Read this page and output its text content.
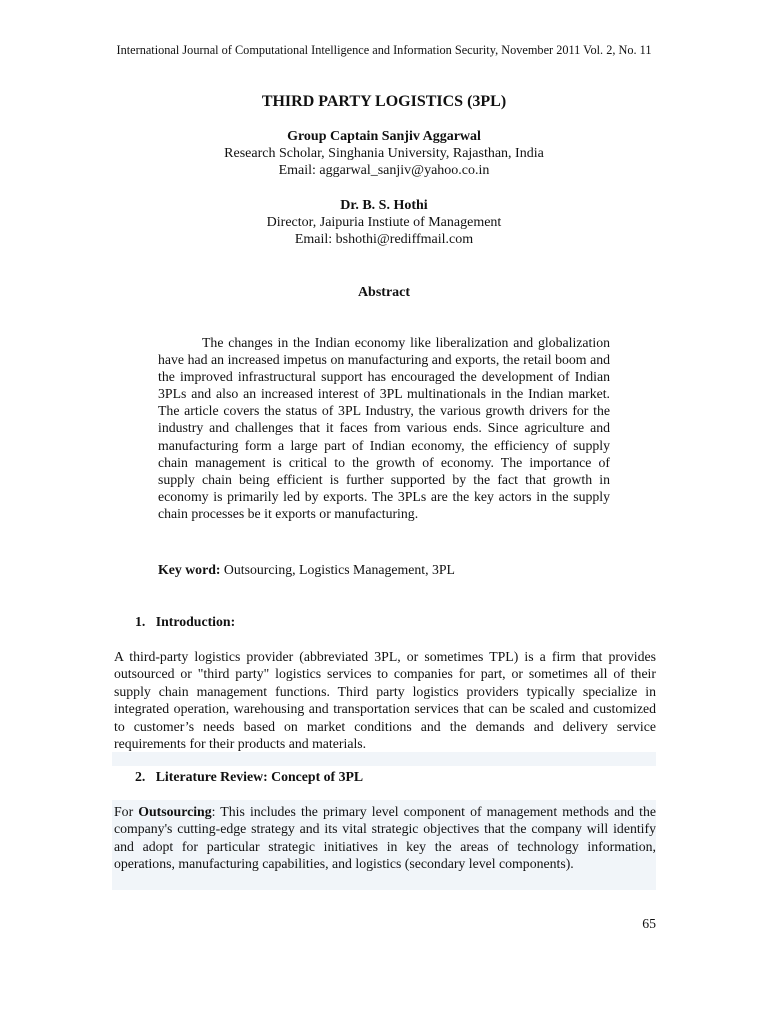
International Journal of Computational Intelligence and Information Security, November 2011 Vol. 2, No. 11
THIRD PARTY LOGISTICS (3PL)
Group Captain Sanjiv Aggarwal
Research Scholar, Singhania University, Rajasthan, India
Email: aggarwal_sanjiv@yahoo.co.in
Dr. B. S. Hothi
Director, Jaipuria Instiute of Management
Email: bshothi@rediffmail.com
Abstract

The changes in the Indian economy like liberalization and globalization have had an increased impetus on manufacturing and exports, the retail boom and the improved infrastructural support has encouraged the development of Indian 3PLs and also an increased interest of 3PL multinationals in the Indian market. The article covers the status of 3PL Industry, the various growth drivers for the industry and challenges that it faces from various ends. Since agriculture and manufacturing form a large part of Indian economy, the efficiency of supply chain management is critical to the growth of economy. The importance of supply chain being efficient is further supported by the fact that growth in economy is primarily led by exports. The 3PLs are the key actors in the supply chain processes be it exports or manufacturing.

Key word: Outsourcing, Logistics Management, 3PL

1.   Introduction:

A third-party logistics provider (abbreviated 3PL, or sometimes TPL) is a firm that provides outsourced or "third party" logistics services to companies for part, or sometimes all of their supply chain management functions. Third party logistics providers typically specialize in integrated operation, warehousing and transportation services that can be scaled and customized to customer’s needs based on market conditions and the demands and delivery service requirements for their products and materials.

2.   Literature Review: Concept of 3PL

For Outsourcing: This includes the primary level component of management methods and the company's cutting-edge strategy and its vital strategic objectives that the company will identify and adopt for particular strategic initiatives in key the areas of technology information, operations, manufacturing capabilities, and logistics (secondary level components).

65
